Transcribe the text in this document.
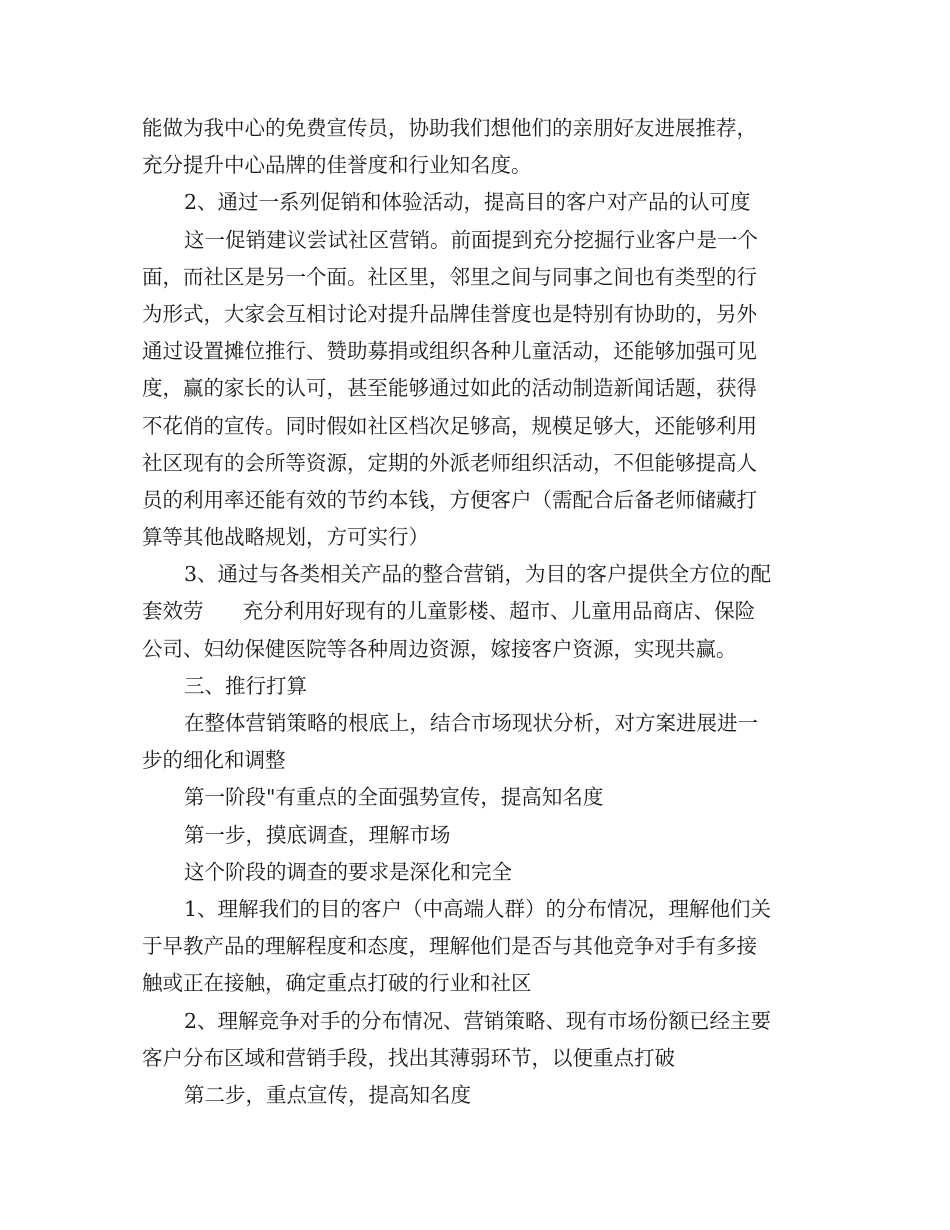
能做为我中心的免费宣传员，协助我们想他们的亲朋好友进展推荐，
充分提升中心品牌的佳誉度和行业知名度。
2、通过一系列促销和体验活动，提高目的客户对产品的认可度
这一促销建议尝试社区营销。前面提到充分挖掘行业客户是一个
面，而社区是另一个面。社区里，邻里之间与同事之间也有类型的行
为形式，大家会互相讨论对提升品牌佳誉度也是特别有协助的，另外
通过设置摊位推行、赞助募捐或组织各种儿童活动，还能够加强可见
度，赢的家长的认可，甚至能够通过如此的活动制造新闻话题，获得
不花俏的宣传。同时假如社区档次足够高，规模足够大，还能够利用
社区现有的会所等资源，定期的外派老师组织活动，不但能够提高人
员的利用率还能有效的节约本钱，方便客户（需配合后备老师储藏打
算等其他战略规划，方可实行）
3、通过与各类相关产品的整合营销，为目的客户提供全方位的配
套效劳      充分利用好现有的儿童影楼、超市、儿童用品商店、保险
公司、妇幼保健医院等各种周边资源，嫁接客户资源，实现共赢。
三、推行打算
在整体营销策略的根底上，结合市场现状分析，对方案进展进一
步的细化和调整
第一阶段"有重点的全面强势宣传，提高知名度
第一步，摸底调查，理解市场
这个阶段的调查的要求是深化和完全
1、理解我们的目的客户（中高端人群）的分布情况，理解他们关
于早教产品的理解程度和态度，理解他们是否与其他竞争对手有多接
触或正在接触，确定重点打破的行业和社区
2、理解竞争对手的分布情况、营销策略、现有市场份额已经主要
客户分布区域和营销手段，找出其薄弱环节，以便重点打破
第二步，重点宣传，提高知名度
